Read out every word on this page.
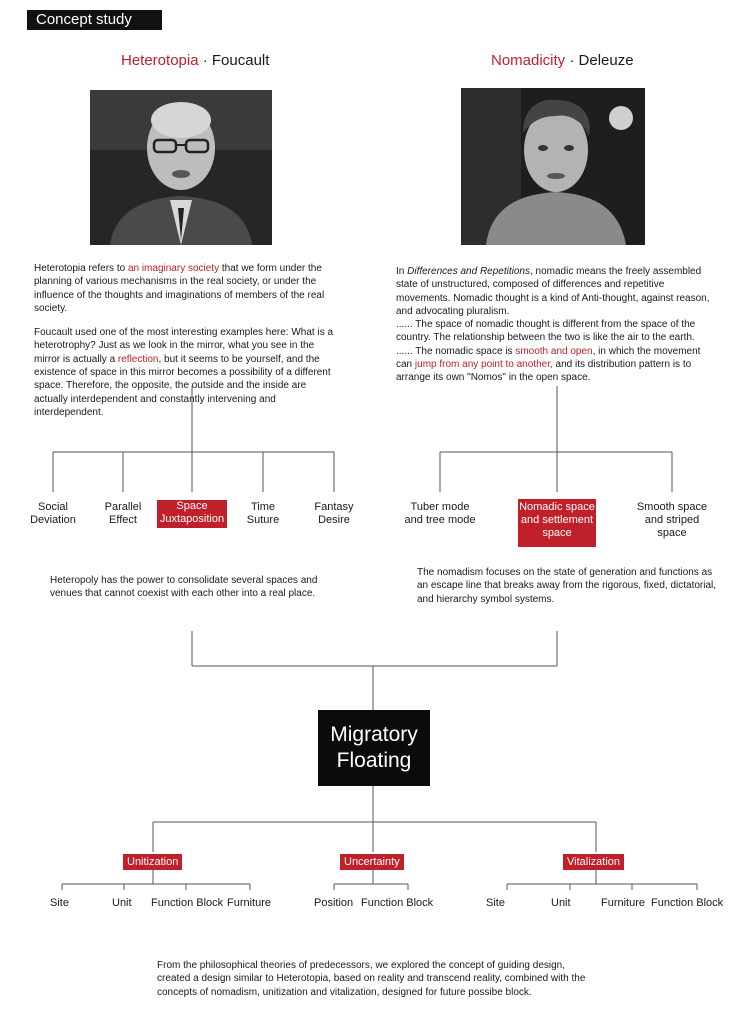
Concept study
Heterotopia · Foucault

Heterotopia refers to an imaginary society that we form under the planning of various mechanisms in the real society, or under the influence of the thoughts and imaginations of members of the real society.

Foucault used one of the most interesting examples here: What is a heterotrophy? Just as we look in the mirror, what you see in the mirror is actually a reflection, but it seems to be yourself, and the existence of space in this mirror becomes a possibility of a different space. Therefore, the opposite, the outside and the inside are actually interdependent and constantly intervening and interdependent.

Nomadicity · Deleuze

In Differences and Repetitions, nomadic means the freely assembled state of unstructured, composed of differences and repetitive movements. Nomadic thought is a kind of Anti-thought, against reason, and advocating pluralism.

...... The space of nomadic thought is different from the space of the country. The relationship between the two is like the air to the earth.

...... The nomadic space is smooth and open, in which the movement can jump from any point to another, and its distribution pattern is to arrange its own "Nomos" in the open space.

Social Deviation
Parallel Effect
Space Juxtaposition
Time Suture
Fantasy Desire
Tuber mode and tree mode
Nomadic space and settlement space
Smooth space and striped space
Heteropoly has the power to consolidate several spaces and venues that cannot coexist with each other into a real place.
The nomadism focuses on the state of generation and functions as an escape line that breaks away from the rigorous, fixed, dictatorial, and hierarchy symbol systems.
Migratory
Floating
Unitization	Uncertainty	Vitalization
Site	Unit Function Block Furniture	Position Function Block	Site	Unit	Furniture Function Block
From the philosophical theories of predecessors, we explored the concept of guiding design, created a design similar to Heterotopia, based on reality and transcend reality, combined with the concepts of nomadism, unitization and vitalization, designed for future possibe block.
